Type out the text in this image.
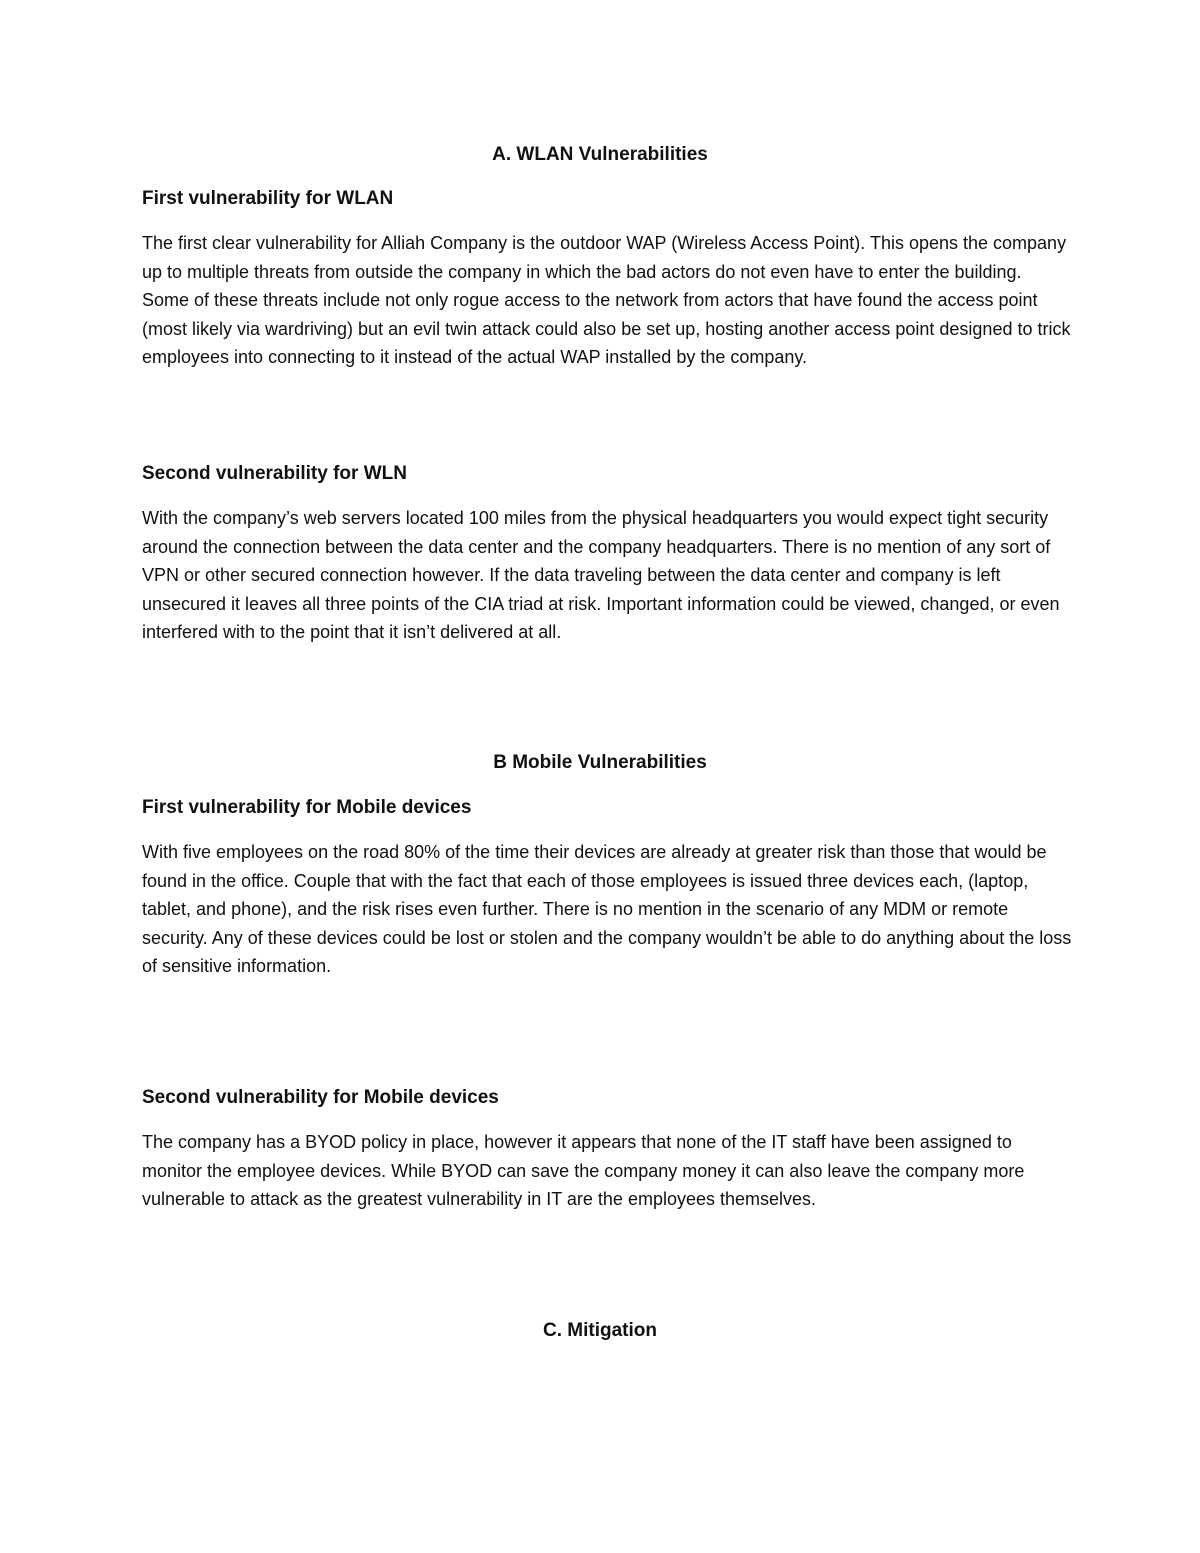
A. WLAN Vulnerabilities

First vulnerability for WLAN

The first clear vulnerability for Alliah Company is the outdoor WAP (Wireless Access Point). This opens the company up to multiple threats from outside the company in which the bad actors do not even have to enter the building. Some of these threats include not only rogue access to the network from actors that have found the access point (most likely via wardriving) but an evil twin attack could also be set up, hosting another access point designed to trick employees into connecting to it instead of the actual WAP installed by the company.

Second vulnerability for WLN

With the company’s web servers located 100 miles from the physical headquarters you would expect tight security around the connection between the data center and the company headquarters. There is no mention of any sort of VPN or other secured connection however. If the data traveling between the data center and company is left unsecured it leaves all three points of the CIA triad at risk. Important information could be viewed, changed, or even interfered with to the point that it isn’t delivered at all.

B Mobile Vulnerabilities

First vulnerability for Mobile devices

With five employees on the road 80% of the time their devices are already at greater risk than those that would be found in the office. Couple that with the fact that each of those employees is issued three devices each, (laptop, tablet, and phone), and the risk rises even further. There is no mention in the scenario of any MDM or remote security. Any of these devices could be lost or stolen and the company wouldn’t be able to do anything about the loss of sensitive information.

Second vulnerability for Mobile devices

The company has a BYOD policy in place, however it appears that none of the IT staff have been assigned to monitor the employee devices. While BYOD can save the company money it can also leave the company more vulnerable to attack as the greatest vulnerability in IT are the employees themselves.

C. Mitigation
